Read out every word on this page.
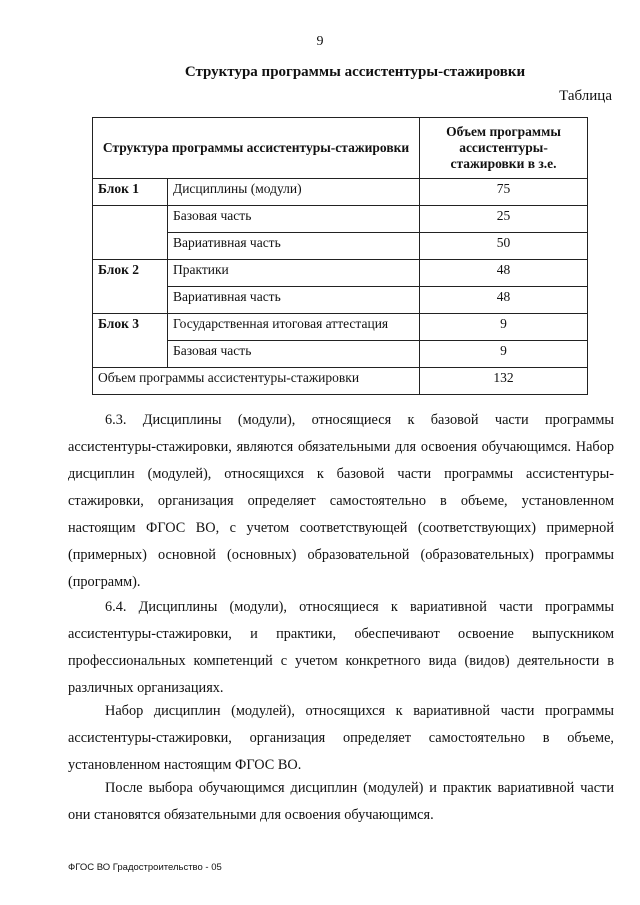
9
Структура программы ассистентуры-стажировки
Таблица
Структура программы ассистентуры-стажировки		Объем программы ассистентуры-стажировки в з.е.
Блок 1	Дисциплины (модули)	75
	Базовая часть	25
	Вариативная часть	50
Блок 2	Практики	48
	Вариативная часть	48
Блок 3	Государственная итоговая аттестация	9
	Базовая часть	9
Объем программы ассистентуры-стажировки		132
6.3. Дисциплины (модули), относящиеся к базовой части программы ассистентуры-стажировки, являются обязательными для освоения обучающимся. Набор дисциплин (модулей), относящихся к базовой части программы ассистентуры-стажировки, организация определяет самостоятельно в объеме, установленном настоящим ФГОС ВО, с учетом соответствующей (соответствующих) примерной (примерных) основной (основных) образовательной (образовательных) программы (программ).
6.4. Дисциплины (модули), относящиеся к вариативной части программы ассистентуры-стажировки, и практики, обеспечивают освоение выпускником профессиональных компетенций с учетом конкретного вида (видов) деятельности в различных организациях.
Набор дисциплин (модулей), относящихся к вариативной части программы ассистентуры-стажировки, организация определяет самостоятельно в объеме, установленном настоящим ФГОС ВО.
После выбора обучающимся дисциплин (модулей) и практик вариативной части они становятся обязательными для освоения обучающимся.
ФГОС ВО Градостроительство - 05
